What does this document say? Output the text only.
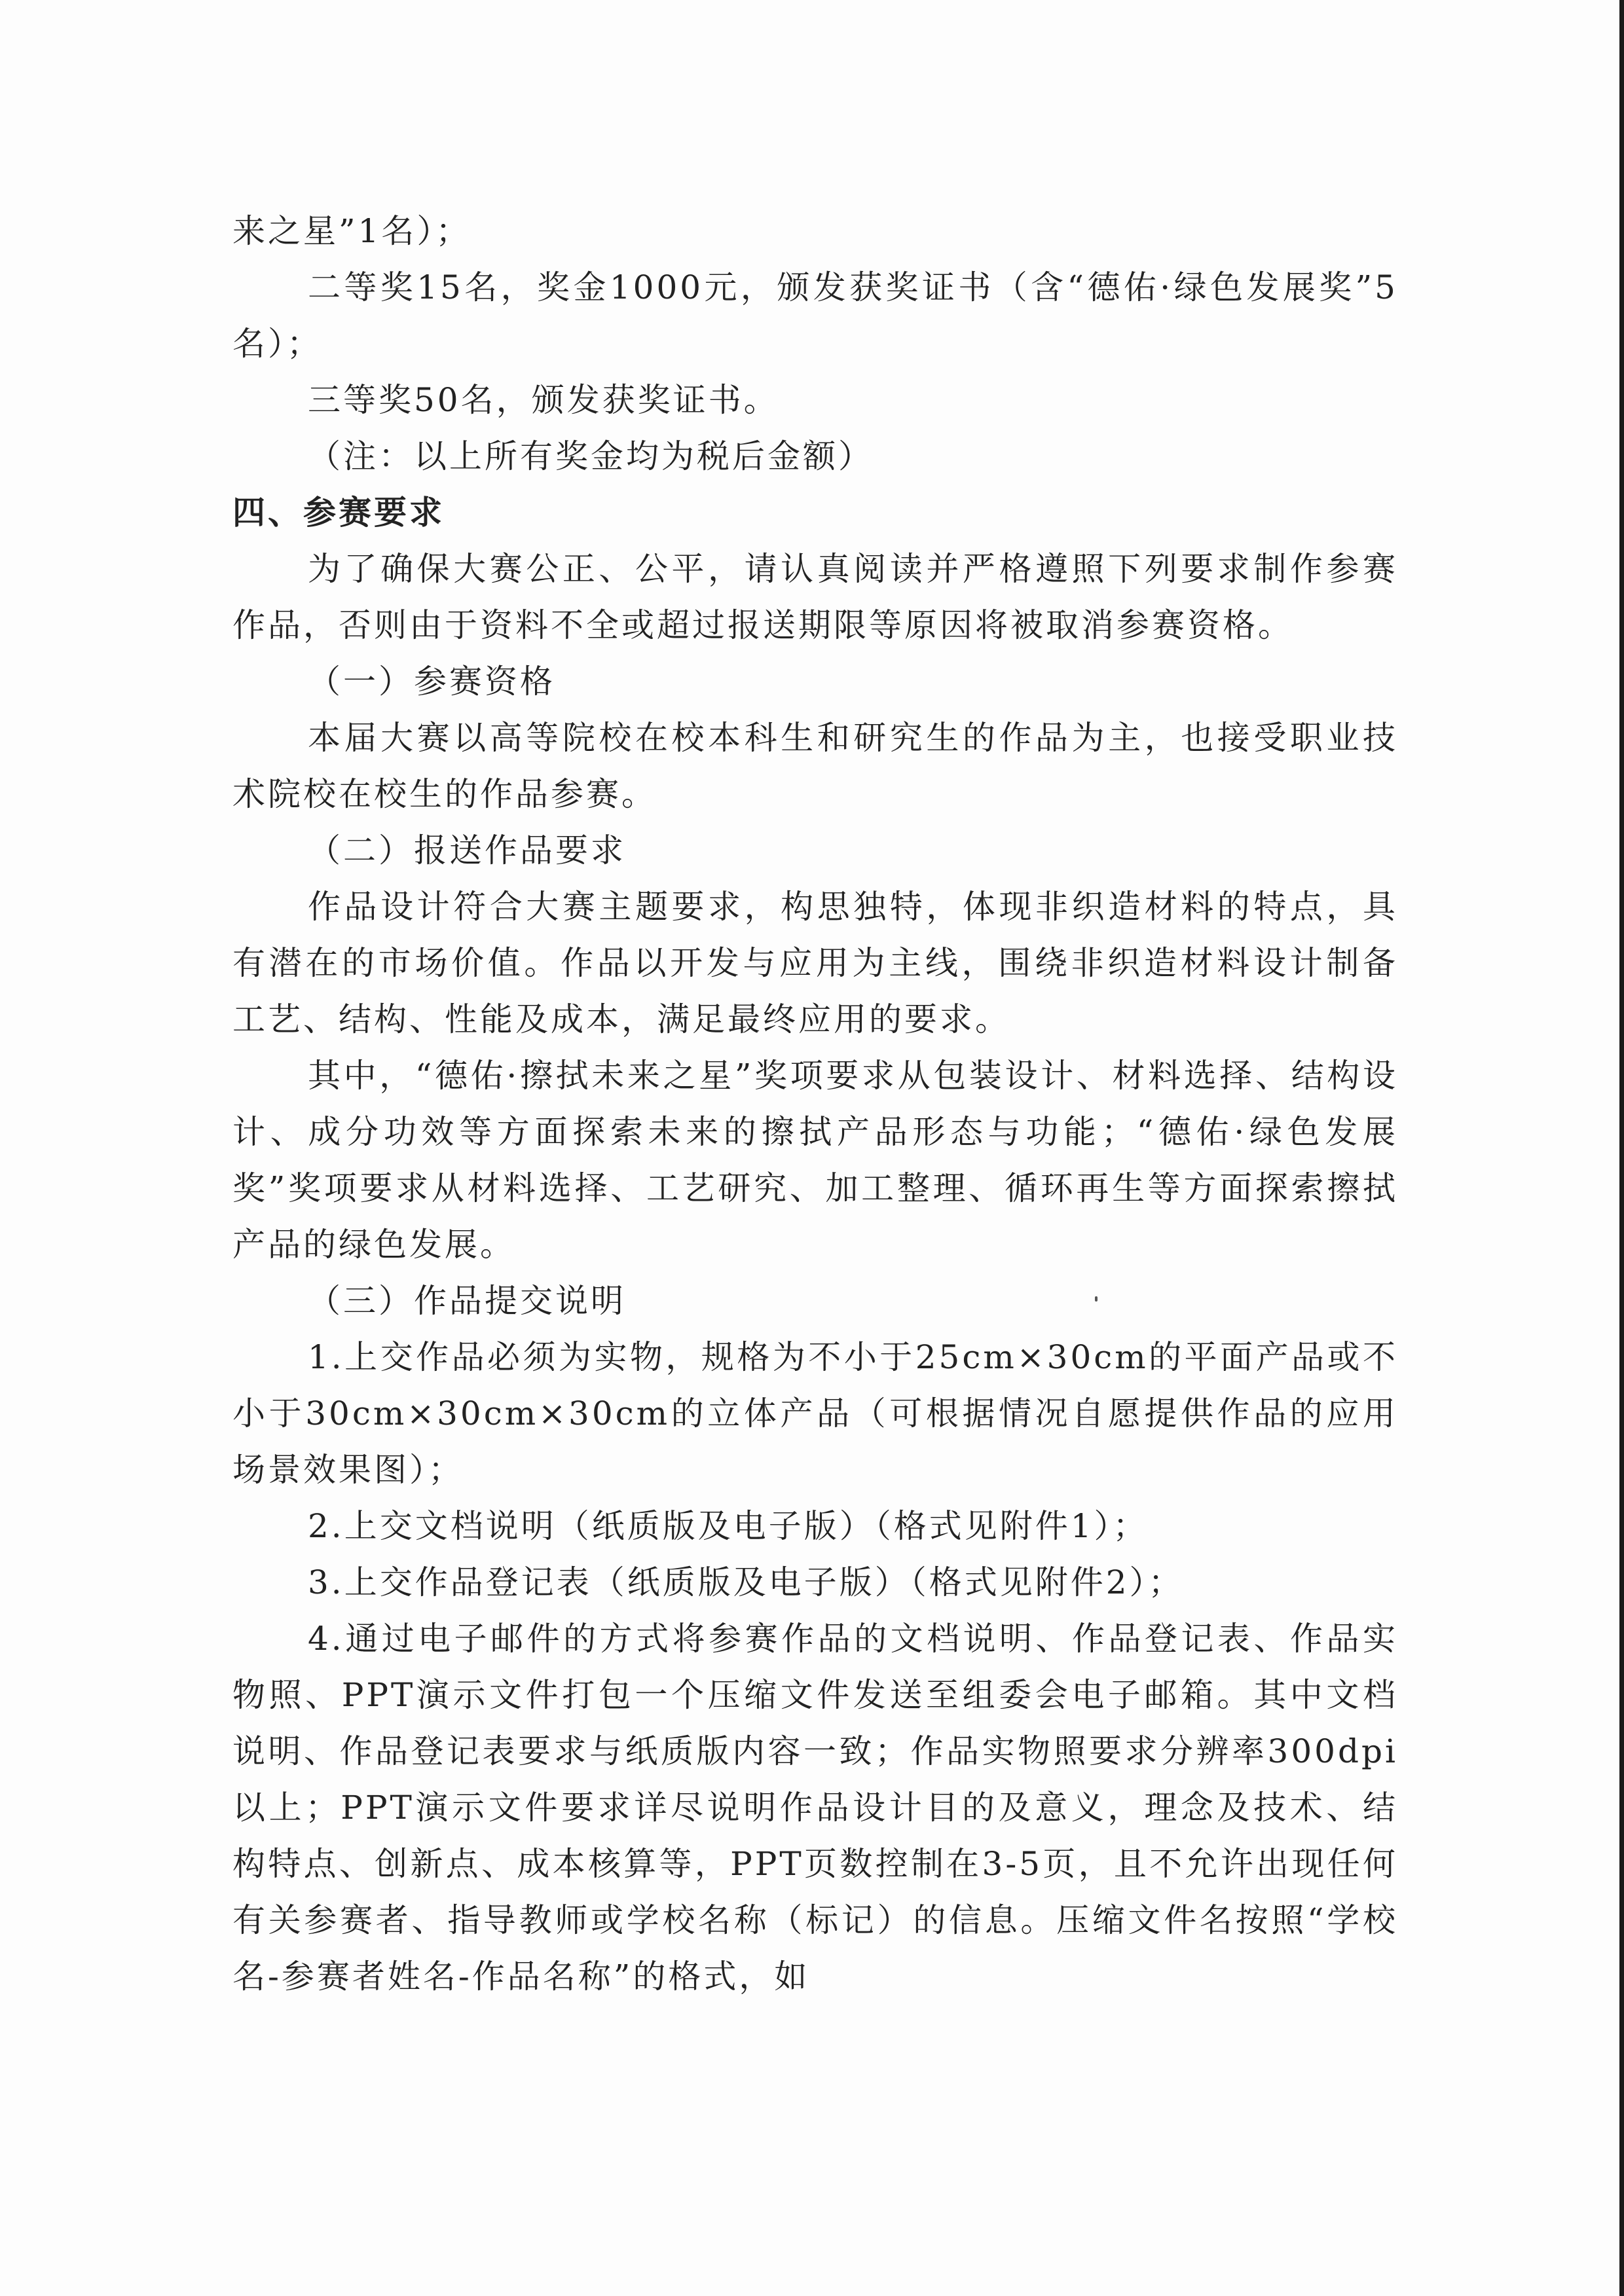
来之星”1名）；

二等奖15名，奖金1000元，颁发获奖证书（含“德佑·绿色发展奖”5名）；

三等奖50名，颁发获奖证书。

（注：以上所有奖金均为税后金额）

四、参赛要求

为了确保大赛公正、公平，请认真阅读并严格遵照下列要求制作参赛作品，否则由于资料不全或超过报送期限等原因将被取消参赛资格。

（一）参赛资格

本届大赛以高等院校在校本科生和研究生的作品为主，也接受职业技术院校在校生的作品参赛。

（二）报送作品要求

作品设计符合大赛主题要求，构思独特，体现非织造材料的特点，具有潜在的市场价值。作品以开发与应用为主线，围绕非织造材料设计制备工艺、结构、性能及成本，满足最终应用的要求。

其中，“德佑·擦拭未来之星”奖项要求从包装设计、材料选择、结构设计、成分功效等方面探索未来的擦拭产品形态与功能；“德佑·绿色发展奖”奖项要求从材料选择、工艺研究、加工整理、循环再生等方面探索擦拭产品的绿色发展。

（三）作品提交说明

1.上交作品必须为实物，规格为不小于25cm×30cm的平面产品或不小于30cm×30cm×30cm的立体产品（可根据情况自愿提供作品的应用场景效果图）；

2.上交文档说明（纸质版及电子版）（格式见附件1）；

3.上交作品登记表（纸质版及电子版）（格式见附件2）；

4.通过电子邮件的方式将参赛作品的文档说明、作品登记表、作品实物照、PPT演示文件打包一个压缩文件发送至组委会电子邮箱。其中文档说明、作品登记表要求与纸质版内容一致；作品实物照要求分辨率300dpi以上；PPT演示文件要求详尽说明作品设计目的及意义，理念及技术、结构特点、创新点、成本核算等，PPT页数控制在3-5页，且不允许出现任何有关参赛者、指导教师或学校名称（标记）的信息。压缩文件名按照“学校名-参赛者姓名-作品名称”的格式，如
